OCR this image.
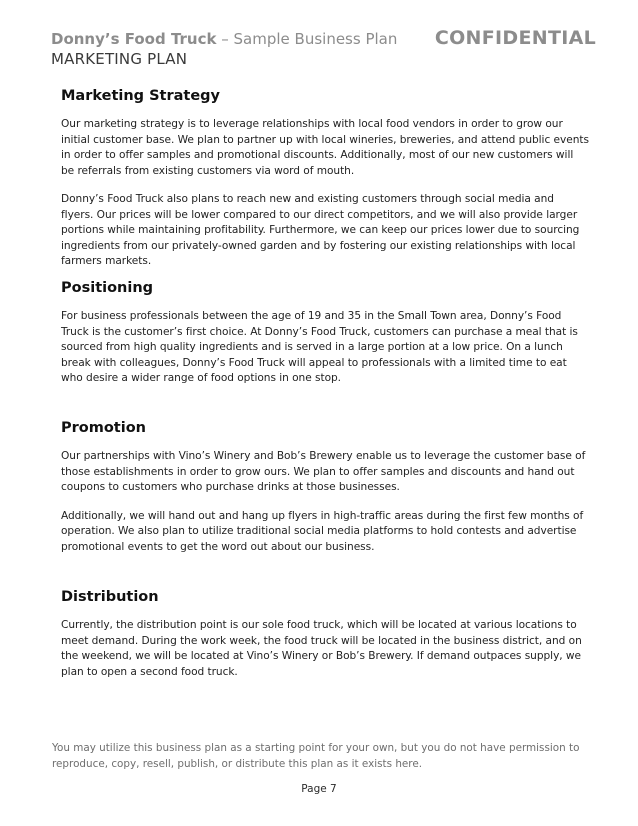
Donny’s Food Truck – Sample Business Plan CONFIDENTIAL
MARKETING PLAN
Marketing Strategy

Our marketing strategy is to leverage relationships with local food vendors in order to grow our initial customer base. We plan to partner up with local wineries, breweries, and attend public events in order to offer samples and promotional discounts. Additionally, most of our new customers will be referrals from existing customers via word of mouth.

Donny’s Food Truck also plans to reach new and existing customers through social media and flyers. Our prices will be lower compared to our direct competitors, and we will also provide larger portions while maintaining profitability. Furthermore, we can keep our prices lower due to sourcing ingredients from our privately-owned garden and by fostering our existing relationships with local farmers markets.

Positioning

For business professionals between the age of 19 and 35 in the Small Town area, Donny’s Food Truck is the customer’s first choice. At Donny’s Food Truck, customers can purchase a meal that is sourced from high quality ingredients and is served in a large portion at a low price. On a lunch break with colleagues, Donny’s Food Truck will appeal to professionals with a limited time to eat who desire a wider range of food options in one stop.

Promotion

Our partnerships with Vino’s Winery and Bob’s Brewery enable us to leverage the customer base of those establishments in order to grow ours. We plan to offer samples and discounts and hand out coupons to customers who purchase drinks at those businesses.

Additionally, we will hand out and hang up flyers in high-traffic areas during the first few months of operation. We also plan to utilize traditional social media platforms to hold contests and advertise promotional events to get the word out about our business.

Distribution

Currently, the distribution point is our sole food truck, which will be located at various locations to meet demand. During the work week, the food truck will be located in the business district, and on the weekend, we will be located at Vino’s Winery or Bob’s Brewery. If demand outpaces supply, we plan to open a second food truck.

You may utilize this business plan as a starting point for your own, but you do not have permission to reproduce, copy, resell, publish, or distribute this plan as it exists here.
Page 7
